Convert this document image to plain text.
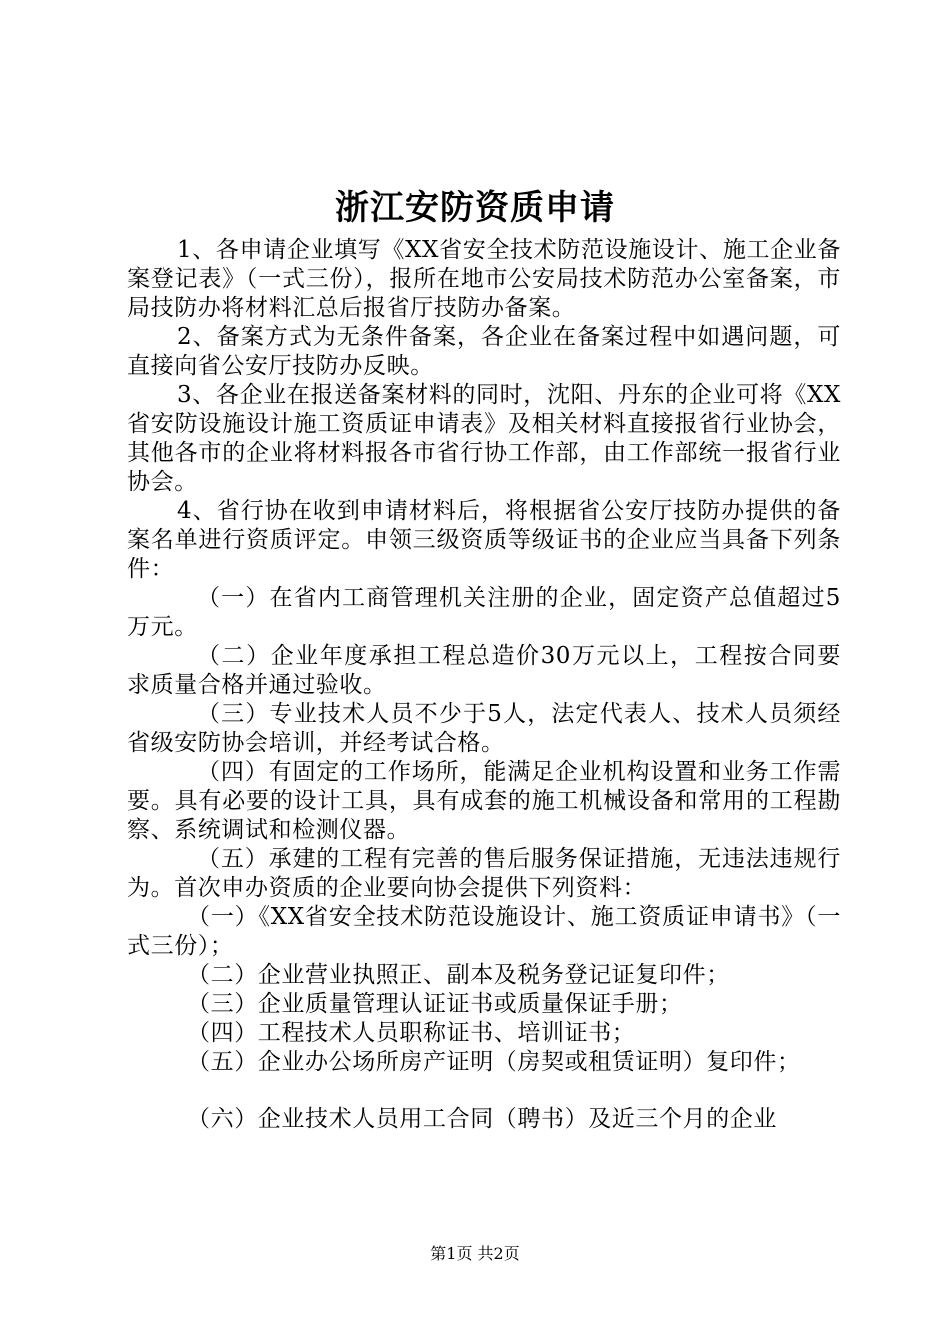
浙江安防资质申请

1、各申请企业填写《XX省安全技术防范设施设计、施工企业备案登记表》（一式三份），报所在地市公安局技术防范办公室备案，市局技防办将材料汇总后报省厅技防办备案。

2、备案方式为无条件备案，各企业在备案过程中如遇问题，可直接向省公安厅技防办反映。

3、各企业在报送备案材料的同时，沈阳、丹东的企业可将《XX省安防设施设计施工资质证申请表》及相关材料直接报省行业协会，其他各市的企业将材料报各市省行协工作部，由工作部统一报省行业协会。

4、省行协在收到申请材料后，将根据省公安厅技防办提供的备案名单进行资质评定。申领三级资质等级证书的企业应当具备下列条件：

（一）在省内工商管理机关注册的企业，固定资产总值超过5万元。

（二）企业年度承担工程总造价30万元以上，工程按合同要求质量合格并通过验收。

（三）专业技术人员不少于5人，法定代表人、技术人员须经省级安防协会培训，并经考试合格。

（四）有固定的工作场所，能满足企业机构设置和业务工作需要。具有必要的设计工具，具有成套的施工机械设备和常用的工程勘察、系统调试和检测仪器。

（五）承建的工程有完善的售后服务保证措施，无违法违规行为。首次申办资质的企业要向协会提供下列资料：

（一）《XX省安全技术防范设施设计、施工资质证申请书》（一式三份）；

（二）企业营业执照正、副本及税务登记证复印件；

（三）企业质量管理认证证书或质量保证手册；

（四）工程技术人员职称证书、培训证书；

（五）企业办公场所房产证明（房契或租赁证明）复印件；

（六）企业技术人员用工合同（聘书）及近三个月的企业

第1页 共2页
